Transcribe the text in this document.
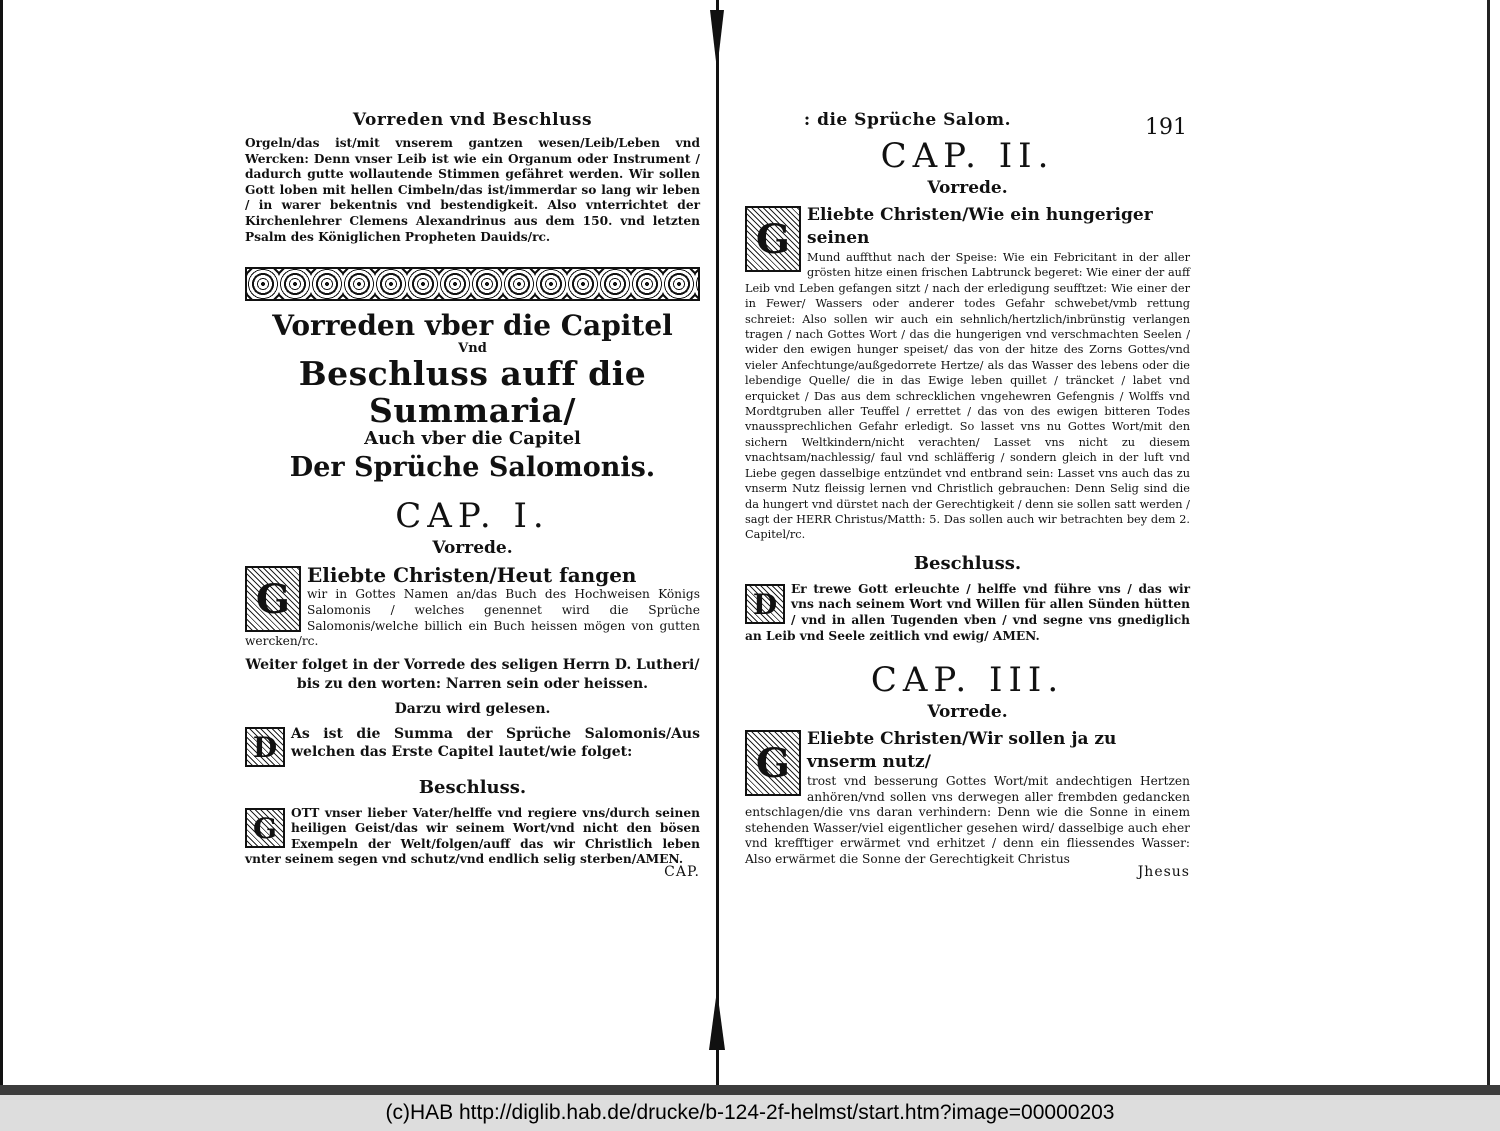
Vorreden vnd Beschluss

Orgeln/das ist/mit vnserem gantzen wesen/Leib/Leben vnd Wercken: Denn vnser Leib ist wie ein Organum oder Instrument / dadurch gutte wollautende Stimmen gefähret werden. Wir sollen Gott loben mit hellen Cimbeln/das ist/immerdar so lang wir leben / in warer bekentnis vnd bestendigkeit. Also vnterrichtet der Kirchenlehrer Clemens Alexandrinus aus dem 150. vnd letzten Psalm des Königlichen Propheten Dauids/rc.

Vorreden vber die Capitel
Vnd
Beschluss auff die Summaria/
Auch vber die Capitel
Der Sprüche Salomonis.
CAP. I.
Vorrede.
G
Eliebte Christen/Heut fangen

wir in Gottes Namen an/das Buch des Hochweisen Königs Salomonis / welches genennet wird die Sprüche Salomonis/welche billich ein Buch heissen mögen von gutten wercken/rc.

Weiter folget in der Vorrede des seligen Herrn D. Lutheri/ bis zu den worten: Narren sein oder heissen.
Darzu wird gelesen.
D As ist die Summa der Sprüche Salomonis/Aus welchen das Erste Capitel lautet/wie folget:

Beschluss.
G	OTT vnser lieber Vater/helffe vnd regiere vns/durch seinen heiligen Geist/das wir seinem Wort/vnd nicht den bösen Exempeln der Welt/folgen/auff das wir Christlich leben vnter seinem segen vnd schutz/vnd endlich selig sterben/AMEN.

CAP.
191
: die Sprüche Salom.
CAP. II.
Vorrede.
G
Eliebte Christen/Wie ein hungeriger seinen

Mund auffthut nach der Speise: Wie ein Febricitant in der aller grösten hitze einen frischen Labtrunck begeret: Wie einer der auff Leib vnd Leben gefangen sitzt / nach der erledigung seufftzet: Wie einer der in Fewer/ Wassers oder anderer todes Gefahr schwebet/vmb rettung schreiet: Also sollen wir auch ein sehnlich/hertzlich/inbrünstig verlangen tragen / nach Gottes Wort / das die hungerigen vnd verschmachten Seelen / wider den ewigen hunger speiset/ das von der hitze des Zorns Gottes/vnd vieler Anfechtunge/außgedorrete Hertze/ als das Wasser des lebens oder die lebendige Quelle/ die in das Ewige leben quillet / träncket / labet vnd erquicket / Das aus dem schrecklichen vngehewren Gefengnis / Wolffs vnd Mordtgruben aller Teuffel / errettet / das von des ewigen bitteren Todes vnaussprechlichen Gefahr erledigt. So lasset vns nu Gottes Wort/mit den sichern Weltkindern/nicht verachten/ Lasset vns nicht zu diesem vnachtsam/nachlessig/ faul vnd schläfferig / sondern gleich in der luft vnd Liebe gegen dasselbige entzündet vnd entbrand sein: Lasset vns auch das zu vnserm Nutz fleissig lernen vnd Christlich gebrauchen: Denn Selig sind die da hungert vnd dürstet nach der Gerechtigkeit / denn sie sollen satt werden / sagt der HERR Christus/Matth: 5. Das sollen auch wir betrachten bey dem 2. Capitel/rc.

Beschluss.
D	Er trewe Gott erleuchte / helffe vnd führe vns / das wir vns nach seinem Wort vnd Willen für allen Sünden hütten / vnd in allen Tugenden vben / vnd segne vns gnediglich an Leib vnd Seele zeitlich vnd ewig/ AMEN.

CAP. III.
Vorrede.
G
Eliebte Christen/Wir sollen ja zu vnserm nutz/

trost vnd besserung Gottes Wort/mit andechtigen Hertzen anhören/vnd sollen vns derwegen aller frembden gedancken entschlagen/die vns daran verhindern: Denn wie die Sonne in einem stehenden Wasser/viel eigentlicher gesehen wird/ dasselbige auch eher vnd krefftiger erwärmet vnd erhitzet / denn ein fliessendes Wasser: Also erwärmet die Sonne der Gerechtigkeit Christus

Jhesus
(c)HAB http://diglib.hab.de/drucke/b-124-2f-helmst/start.htm?image=00000203
